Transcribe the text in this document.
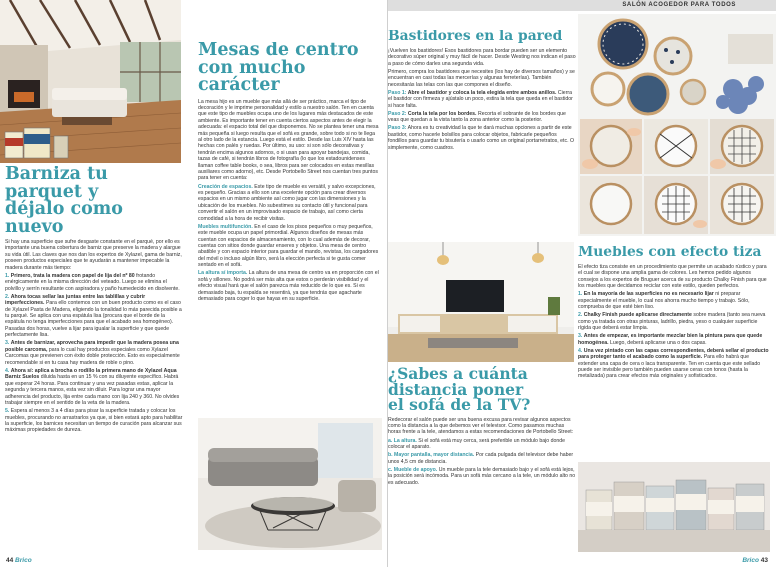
Barniza tu parquet y
déjalo como nuevo

Si hay una superficie que sufre desgaste constante en el parqué, por ello es importante una buena cobertura de barniz que preserve la madera y alargue su vida útil. Las claves que nos dan los expertos de Xylazel, gama de barniz, poseen productos especiales que te ayudarán a mantener impecable la madera durante más tiempo:

1. Primero, trata la madera con papel de lija del nº 80 frotando enérgicamente en la misma dirección del veteado. Luego se elimina el polvillo y serrín resultante con aspiradora y paño humedecido en disolvente.

2. Ahora tocas sellar las juntas entre las tablillas y cubrir imperfecciones. Para ello contemos con un buen producto como es el caso de Xylazel Pasta de Madera, eligiendo la tonalidad lo más parecida posible a tu parqué. Se aplica con una espátula lisa (procura que el borde de la espátula no tenga imperfecciones para que el acabado sea homogéneo). Pasadas dos horas, vuelve a lijar para igualar la superficie y que quede perfectamente lisa.

3. Antes de barnizar, aprovecha para impedir que la madera posea una posible carcoma, para lo cual hay productos especiales como Xylazel Carcomas que previenen con éxito doble protección. Esto es especialmente recomendable si en tu casa hay madera de roble o pino.

4. Ahora sí: aplica a brocha o rodillo la primera mano de Xylazel Aqua Barniz Suelos diluida hasta en un 15 % con su diluyente específico. Habrá que esperar 24 horas. Para continuar y una vez pasadas estas, aplicar la segunda y tercera manos, esta vez sin diluir. Para lograr una mayor adherencia del producto, lija entre cada mano con lija 240 y 360. No olvides trabajar siempre en el sentido de la veta de la madera.

5. Espera al menos 3 a 4 días para pisar la superficie tratada y colocar los muebles, procurando no arrastrarlos ya que, si bien estará apto para habilitar la superficie, los barnices necesitan un tiempo de curación para alcanzar sus máximas propiedades de dureza.

Mesas de centro
con mucho carácter

La mesa hijo es un mueble que más allá de ser práctico, marca el tipo de decoración y le imprime personalidad y estilo a nuestro salón. Ten en cuenta que este tipo de muebles ocupa uno de los lugares más destacados de este ambiente. Es importante tener en cuenta ciertos aspectos antes de elegir la adecuada: el espacio total del que disponemos. No se plantea tener una mesa más pequeña si luego resulta que el sofá es grande, sobre todo si no te llega al otro lado de la estancia. Luego está el estilo. Desde las Luis XIV hasta las hechas con palés y ruedas. Por último, su uso: si son sólo decorativas y tendrán encima algunos adornos, o si usan para apoyar bandejas, comida, tazas de café, si tendrán libros de fotografía (lo que los estadounidenses llaman coffee table books, o sea, libros para ser colocados en estas mesillas auxiliares como adorno), etc. Desde Portobello Street nos cuentan tres puntos para tener en cuenta:

Creación de espacios. Este tipo de mueble es versátil, y salvo excepciones, es pequeño. Gracias a ello son una excelente opción para crear diversos espacios en un mismo ambiente así como jugar con las dimensiones y la ubicación de los muebles. No subestimes su contacto útil y funcional para convertir el salón en un improvisado espacio de trabajo, así como cierta comodidad a la hora de recibir visitas.

Muebles multifunción. En el caso de los pisos pequeños o muy pequeños, este mueble ocupa un papel primordial. Algunos diseños de mesas más cuentan con espacios de almacenamiento, con lo cual además de decorar, cuentas con sitios donde guardar enseres y objetos. Una mesa de centro abatible y con espacio interior para guardar el mando, revistas, los cargadores del móvil o incluso algún libro, será la elección perfecta si te gusta comer sentado en el sofá.

La altura sí importa. La altura de una mesa de centro va en proporción con el sofá y sillones. No podrá ser más alta que estos o perderán visibilidad y el efecto visual hará que el salón parezca más reducido de lo que es. Si es demasiado baja, tu espalda se resentirá, ya que tendrás que agacharte demasiado para coger lo que hayas en su superficie.

44 Brico
SALÓN ACOGEDOR PARA TODOS
Bastidores en la pared

¡Vuelven los bastidores! Esos bastidores para bordar pueden ser un elemento decorativo súper original y muy fácil de hacer. Desde Westing nos indican el paso a paso de cómo darles una segunda vida.

Primero, compra los bastidores que necesites (los hay de diversos tamaños) y se encuentran en casi todas las mercerías y algunas ferreterías). También necesitarás las telas con las que compones el diseño.

Paso 1: Abre el bastidor y coloca la tela elegida entre ambos anillos. Cierra el bastidor con firmeza y ajústalo un poco, estira la tela que queda en el bastidor si hace falta.

Paso 2: Corta la tela por los bordes. Recorta el sobrante de los bordes que veas que quedan a la vista tanto la zona anterior como la posterior.

Paso 3: Ahora es tu creatividad la que te dará muchas opciones a partir de este bastidor, como hacerle bolsillos para colocar objetos, fabricarle pequeños fondillos para guardar tu bisutería o usarlo como un original portarretratos, etc. O simplemente, como cuadros.

¿Sabes a cuánta
distancia poner
el sofá de la TV?

Redecorar el salón puede ser una buena excusa para revisar algunos aspectos como la distancia a la que debemos ver el televisor. Como pasamos muchas horas frente a la tele, atendamos a estas recomendaciones de Portobello Street:

a. La altura. Si el sofá está muy cerca, será preferible un módulo bajo donde colocar el aparato.

b. Mayor pantalla, mayor distancia. Por cada pulgada del televisor debe haber unos 4,5 cm de distancia.

c. Mueble de apoyo. Un mueble para la tele demasiado bajo y el sofá está lejos, la posición será incómoda. Para un sofá más cercano a la tele, un módulo alto no es adecuado.

Muebles con efecto tiza

El efecto tiza consiste en un procedimiento que permite un acabado rústico y para el cual se dispone una amplia gama de colores. Les hemos pedido algunos consejos a los expertos de Bruguer acerca de su producto Chalky Finish para que los muebles que decidamos reciclar con este estilo, queden perfectos.

1. En la mayoría de las superficies no es necesario lijar ni preparar especialmente el mueble, lo cual nos ahorra mucho tiempo y trabajo. Sólo, comprueba de que esté bien liso.

2. Chalky Finish puede aplicarse directamente sobre madera (tanto sea nueva como ya tratada con otras pinturas, ladrillo, piedra, yeso o cualquier superficie rígida que deberá estar limpia.

3. Antes de empezar, es importante mezclar bien la pintura para que quede homogénea. Luego, deberá aplicarse una o dos capas.

4. Una vez pintado con las capas correspondientes, deberá sellar el producto para proteger tanto el acabado como la superficie. Para ello habrá que extender una capa de cera o laca transparente. Ten en cuenta que este sellado puede ser invisible pero también pueden usarse ceras con tonos (hasta la metalizada) para crear efectos más originales y sofisticados.

Brico 43
